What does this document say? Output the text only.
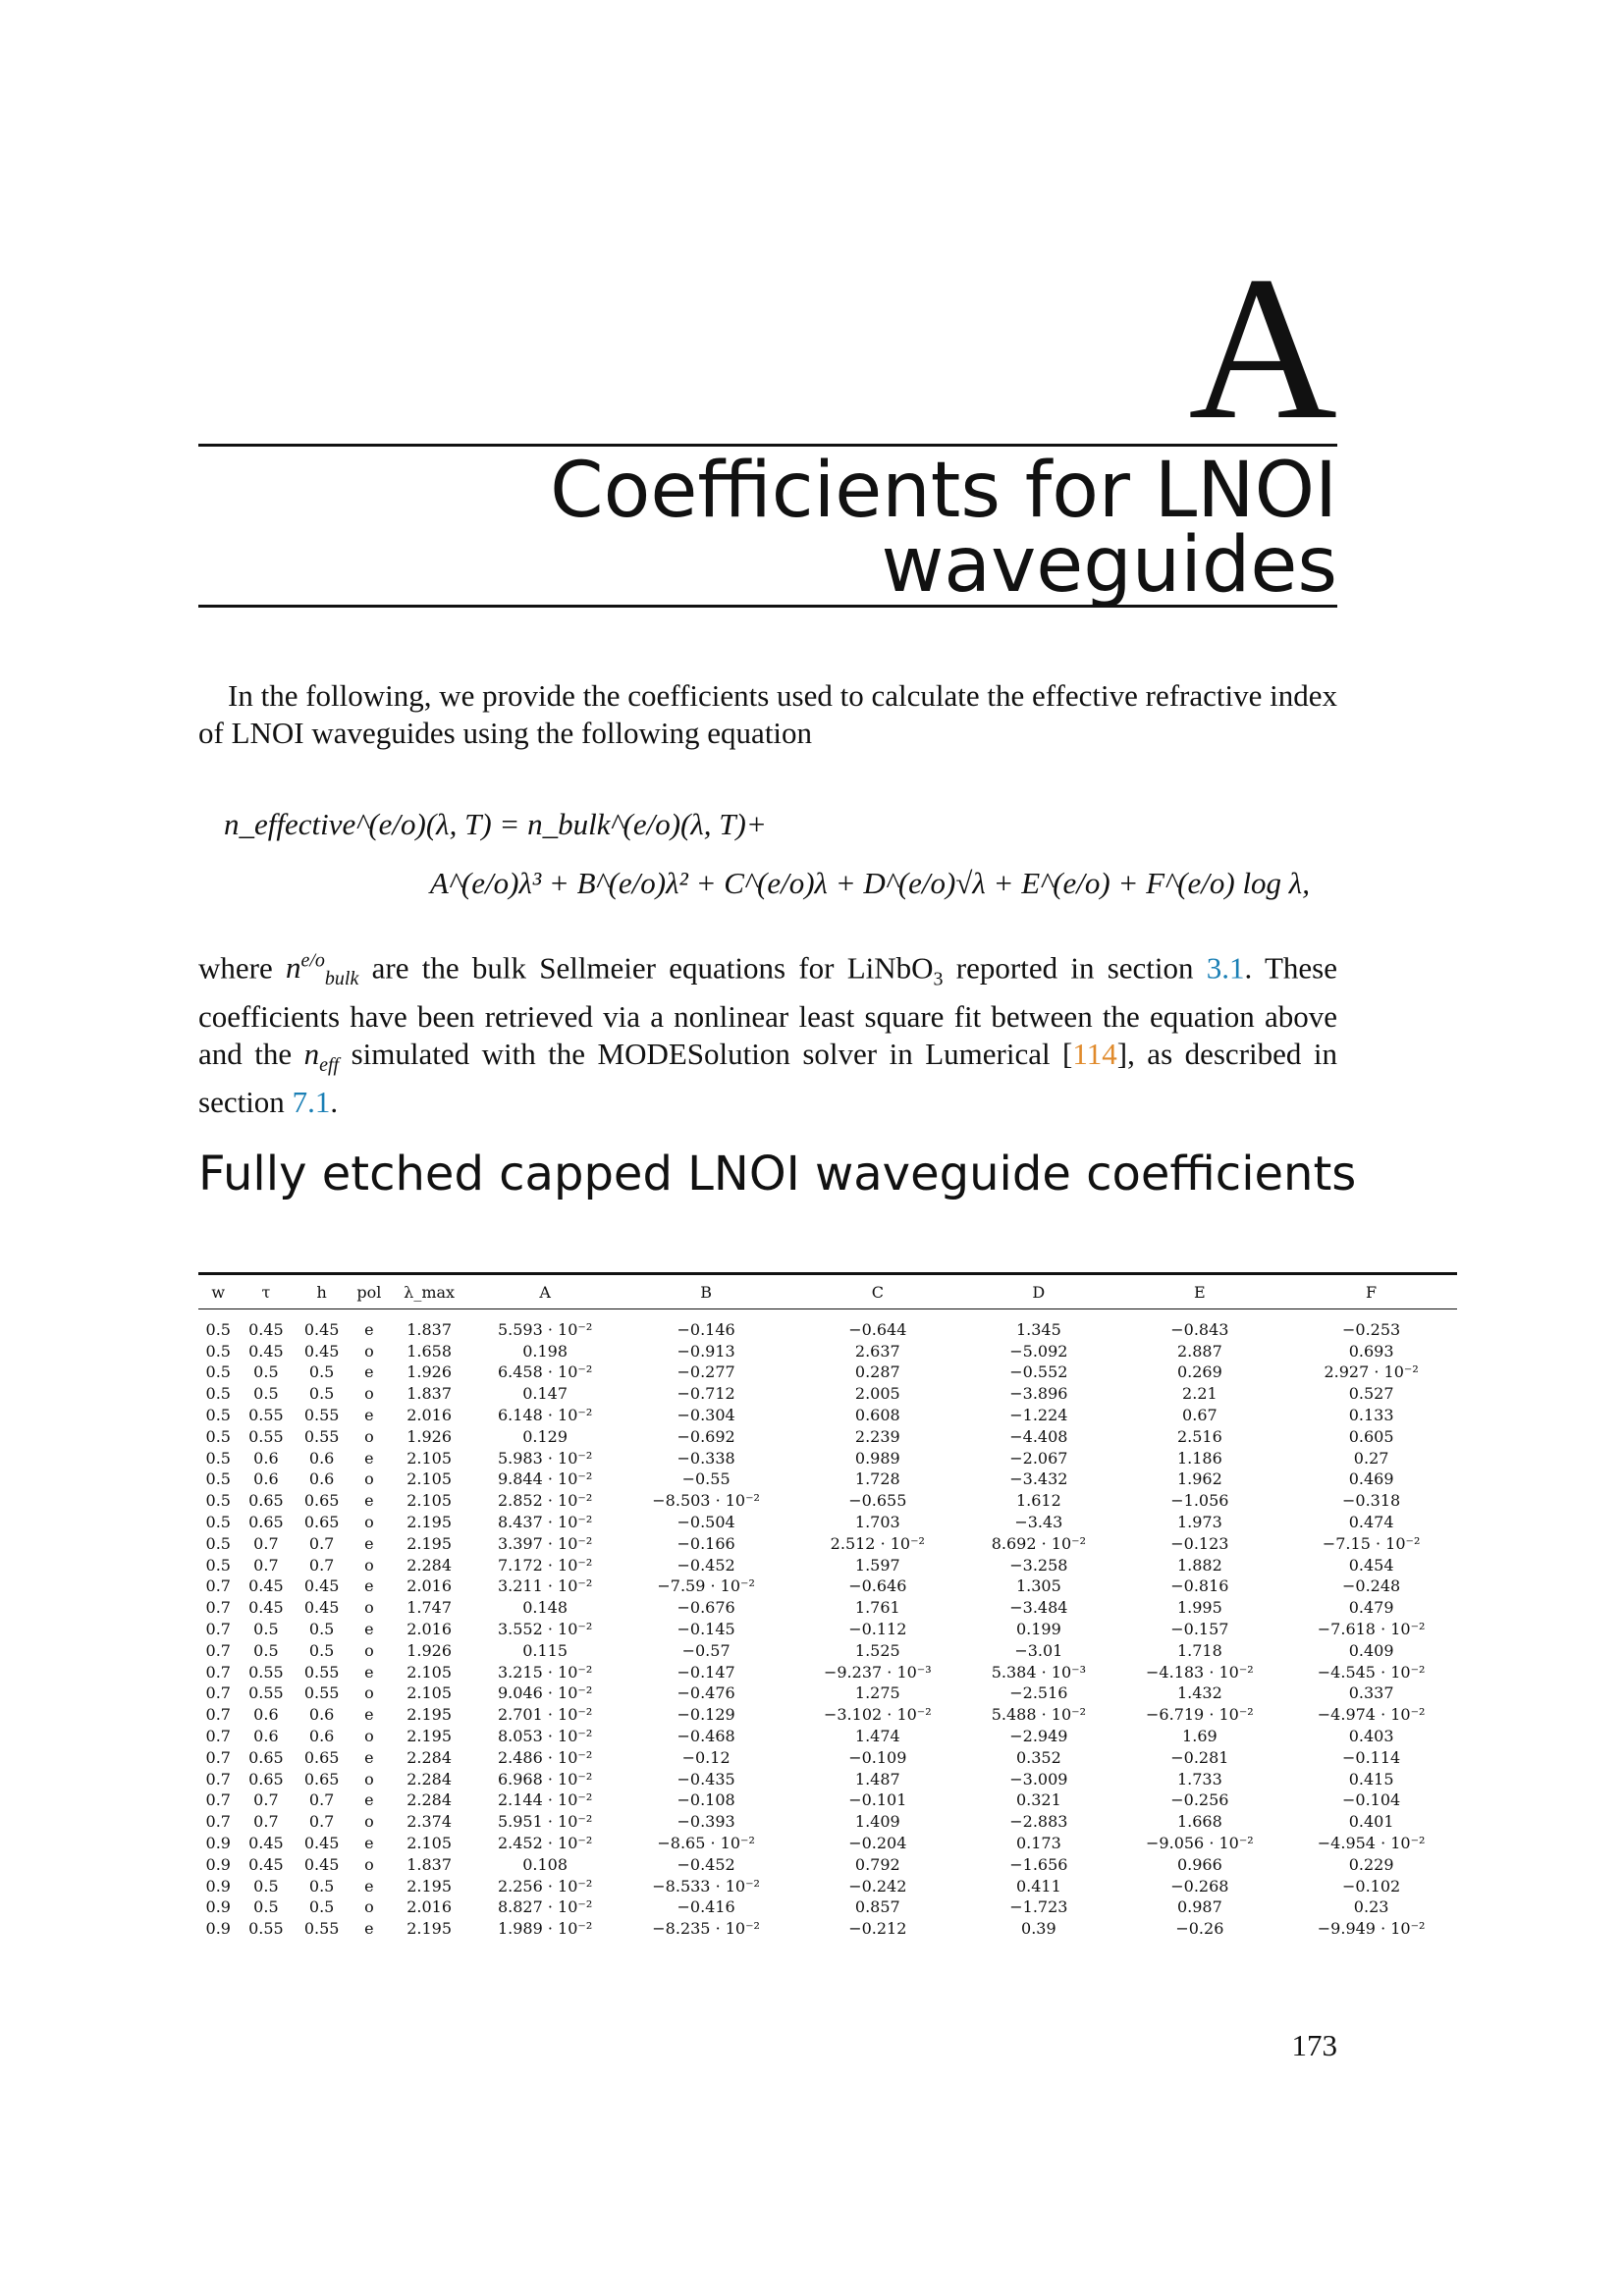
A
Coefficients for LNOI
waveguides

In the following, we provide the coefficients used to calculate the effective refractive index of LNOI waveguides using the following equation

n_effective^(e/o)(λ, T) = n_bulk^(e/o)(λ, T)+
A^(e/o)λ³ + B^(e/o)λ² + C^(e/o)λ + D^(e/o)√λ + E^(e/o) + F^(e/o) log λ,

where $n^{e/o}_{bulk}$ are the bulk Sellmeier equations for LiNbO$_3$ reported in section 3.1. These coefficients have been retrieved via a nonlinear least square fit between the equation above and the $n_{eff}$ simulated with the MODESolution solver in Lumerical [114], as described in section 7.1.

Fully etched capped LNOI waveguide coefficients
w	τ	h	pol	λ_max	A	B	C	D	E	F
0.5	0.45	0.45	e	1.837	5.593 · 10⁻²	−0.146	−0.644	1.345	−0.843	−0.253
0.5	0.45	0.45	o	1.658	0.198	−0.913	2.637	−5.092	2.887	0.693
0.5	0.5	0.5	e	1.926	6.458 · 10⁻²	−0.277	0.287	−0.552	0.269	2.927 · 10⁻²
0.5	0.5	0.5	o	1.837	0.147	−0.712	2.005	−3.896	2.21	0.527
0.5	0.55	0.55	e	2.016	6.148 · 10⁻²	−0.304	0.608	−1.224	0.67	0.133
0.5	0.55	0.55	o	1.926	0.129	−0.692	2.239	−4.408	2.516	0.605
0.5	0.6	0.6	e	2.105	5.983 · 10⁻²	−0.338	0.989	−2.067	1.186	0.27
0.5	0.6	0.6	o	2.105	9.844 · 10⁻²	−0.55	1.728	−3.432	1.962	0.469
0.5	0.65	0.65	e	2.105	2.852 · 10⁻²	−8.503 · 10⁻²	−0.655	1.612	−1.056	−0.318
0.5	0.65	0.65	o	2.195	8.437 · 10⁻²	−0.504	1.703	−3.43	1.973	0.474
0.5	0.7	0.7	e	2.195	3.397 · 10⁻²	−0.166	2.512 · 10⁻²	8.692 · 10⁻²	−0.123	−7.15 · 10⁻²
0.5	0.7	0.7	o	2.284	7.172 · 10⁻²	−0.452	1.597	−3.258	1.882	0.454
0.7	0.45	0.45	e	2.016	3.211 · 10⁻²	−7.59 · 10⁻²	−0.646	1.305	−0.816	−0.248
0.7	0.45	0.45	o	1.747	0.148	−0.676	1.761	−3.484	1.995	0.479
0.7	0.5	0.5	e	2.016	3.552 · 10⁻²	−0.145	−0.112	0.199	−0.157	−7.618 · 10⁻²
0.7	0.5	0.5	o	1.926	0.115	−0.57	1.525	−3.01	1.718	0.409
0.7	0.55	0.55	e	2.105	3.215 · 10⁻²	−0.147	−9.237 · 10⁻³	5.384 · 10⁻³	−4.183 · 10⁻²	−4.545 · 10⁻²
0.7	0.55	0.55	o	2.105	9.046 · 10⁻²	−0.476	1.275	−2.516	1.432	0.337
0.7	0.6	0.6	e	2.195	2.701 · 10⁻²	−0.129	−3.102 · 10⁻²	5.488 · 10⁻²	−6.719 · 10⁻²	−4.974 · 10⁻²
0.7	0.6	0.6	o	2.195	8.053 · 10⁻²	−0.468	1.474	−2.949	1.69	0.403
0.7	0.65	0.65	e	2.284	2.486 · 10⁻²	−0.12	−0.109	0.352	−0.281	−0.114
0.7	0.65	0.65	o	2.284	6.968 · 10⁻²	−0.435	1.487	−3.009	1.733	0.415
0.7	0.7	0.7	e	2.284	2.144 · 10⁻²	−0.108	−0.101	0.321	−0.256	−0.104
0.7	0.7	0.7	o	2.374	5.951 · 10⁻²	−0.393	1.409	−2.883	1.668	0.401
0.9	0.45	0.45	e	2.105	2.452 · 10⁻²	−8.65 · 10⁻²	−0.204	0.173	−9.056 · 10⁻²	−4.954 · 10⁻²
0.9	0.45	0.45	o	1.837	0.108	−0.452	0.792	−1.656	0.966	0.229
0.9	0.5	0.5	e	2.195	2.256 · 10⁻²	−8.533 · 10⁻²	−0.242	0.411	−0.268	−0.102
0.9	0.5	0.5	o	2.016	8.827 · 10⁻²	−0.416	0.857	−1.723	0.987	0.23
0.9	0.55	0.55	e	2.195	1.989 · 10⁻²	−8.235 · 10⁻²	−0.212	0.39	−0.26	−9.949 · 10⁻²
173
